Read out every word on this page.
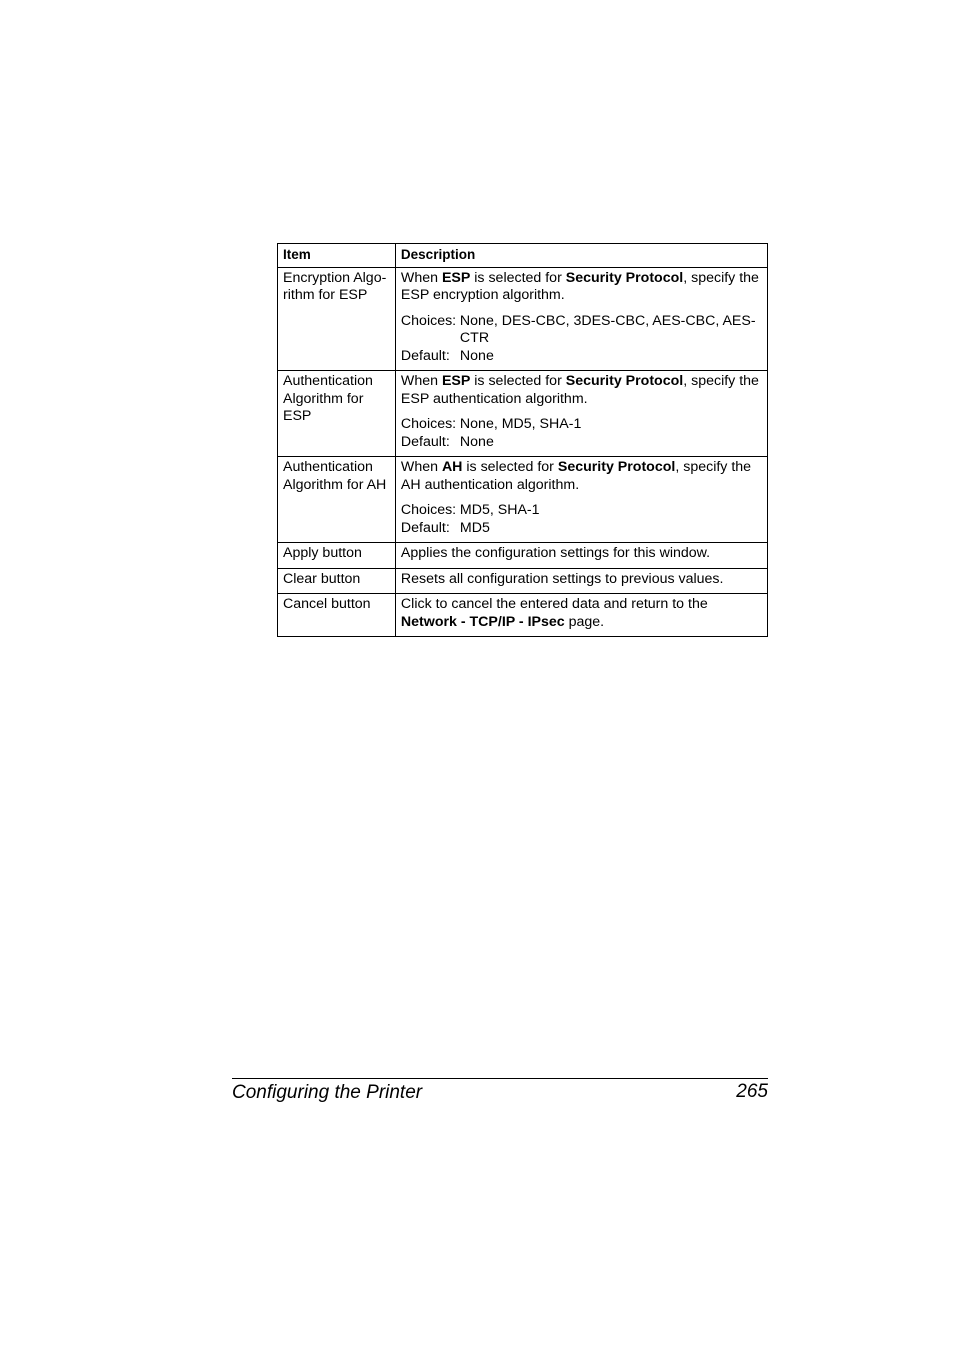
Item	Description
Encryption Algo-rithm for ESP	When ESP is selected for Security Protocol, specify the ESP encryption algorithm.

Choices: None, DES-CBC, 3DES-CBC, AES-CBC, AES-CTR
Default: None

Authentication Algorithm for ESP	When ESP is selected for Security Protocol, specify the ESP authentication algorithm.

Choices: None, MD5, SHA-1
Default: None

Authentication Algorithm for AH	When AH is selected for Security Protocol, specify the AH authentication algorithm.

Choices: MD5, SHA-1
Default: MD5

Apply button	Applies the configuration settings for this window.
Clear button	Resets all configuration settings to previous values.
Cancel button	Click to cancel the entered data and return to the Network - TCP/IP - IPsec page.
Configuring the Printer	265
